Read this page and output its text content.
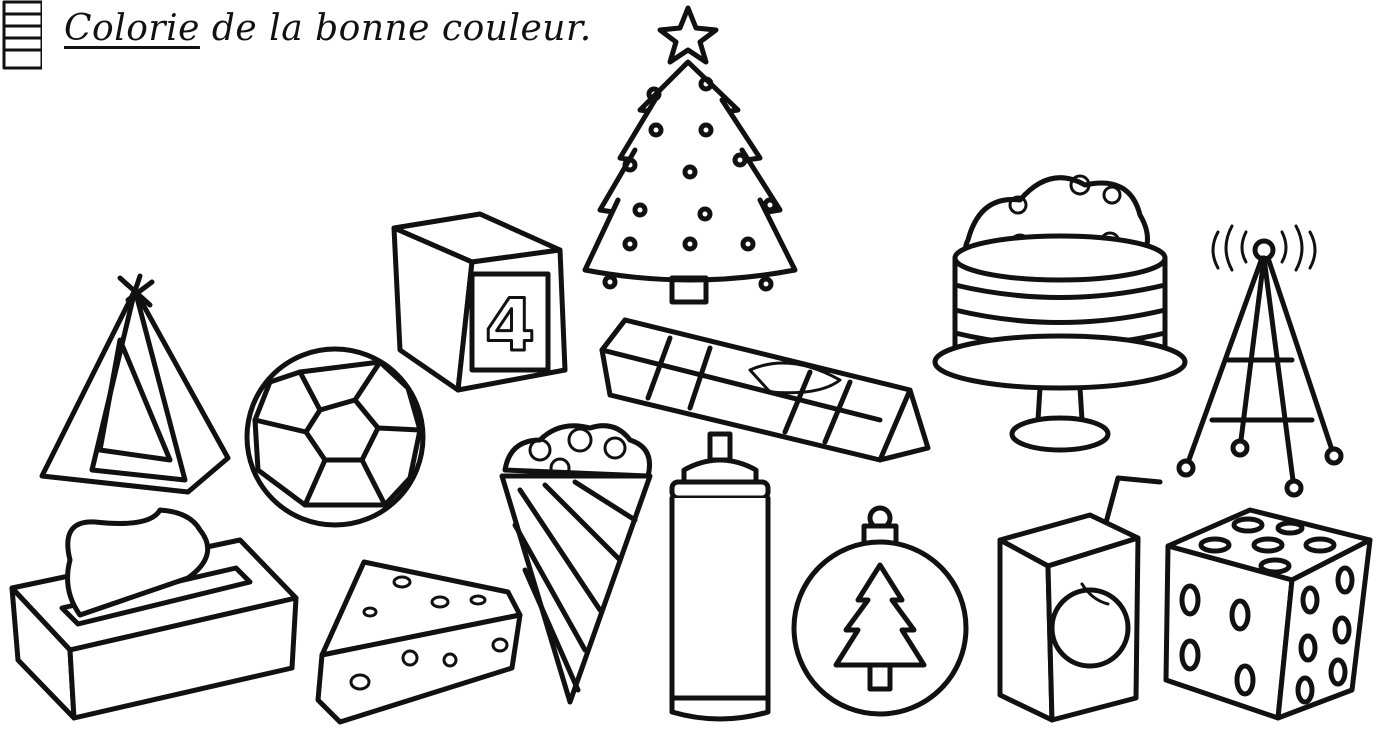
Colorie de la bonne couleur.
4
